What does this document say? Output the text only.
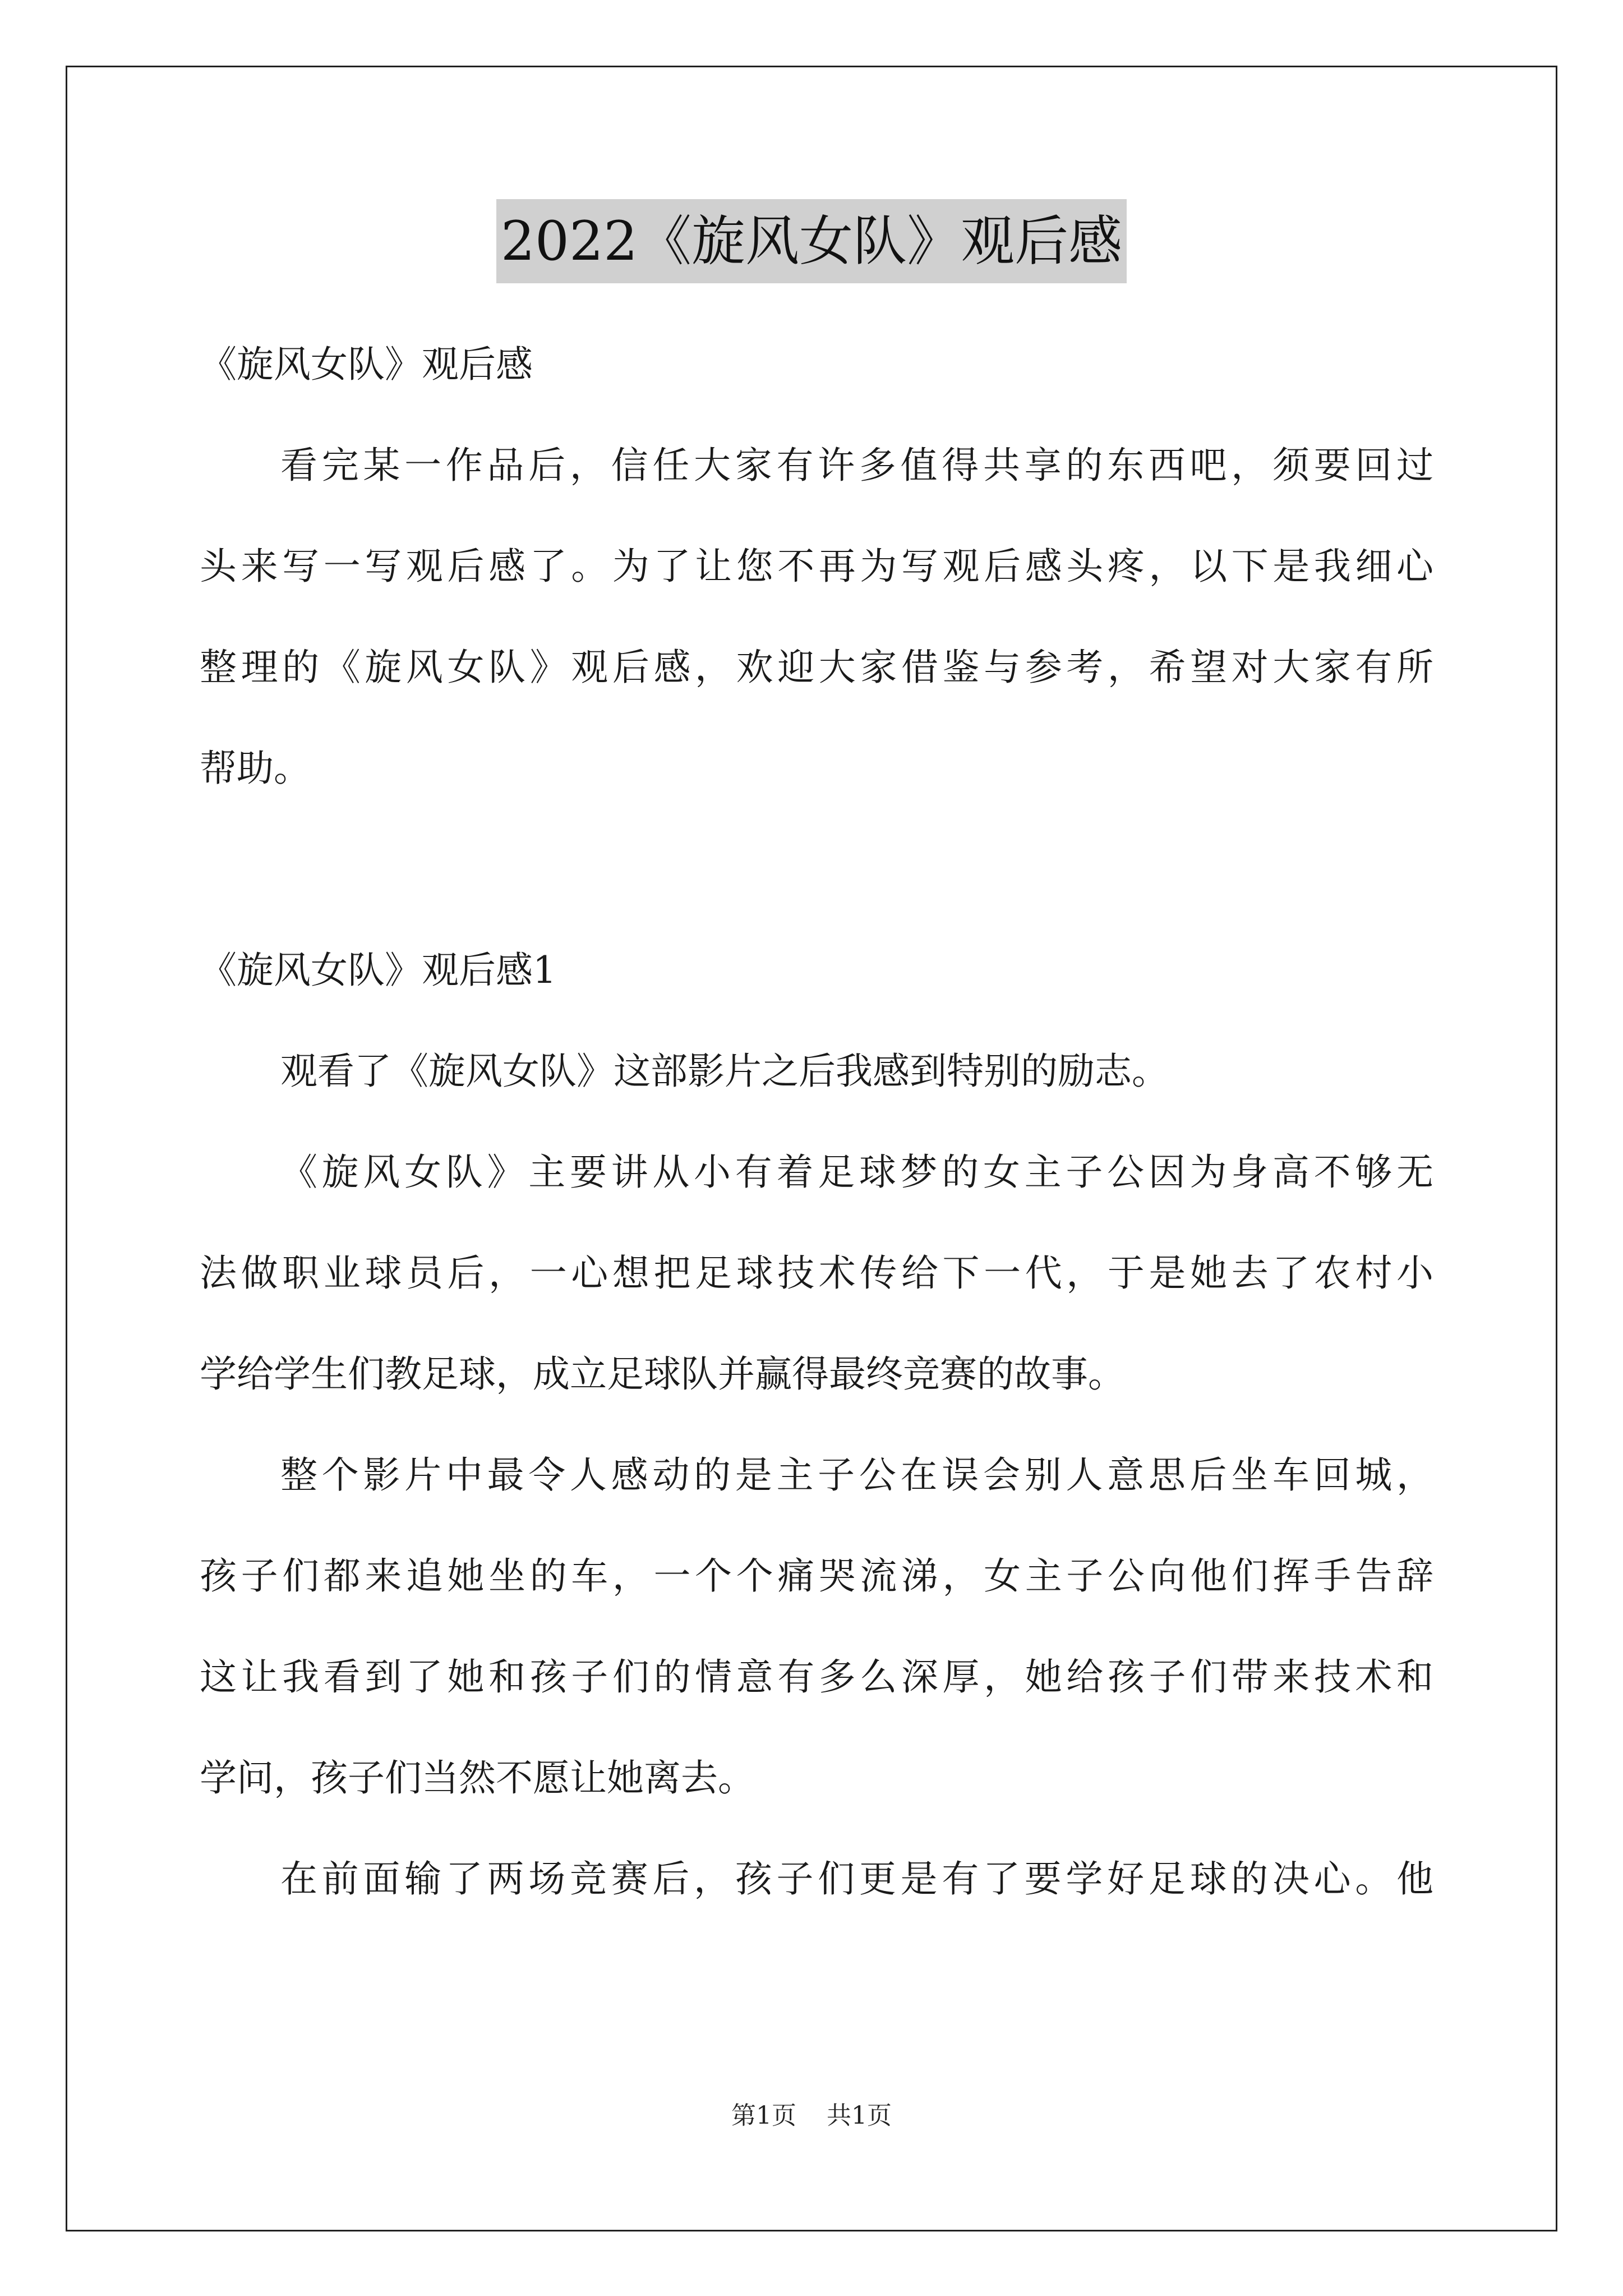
2022《旋风女队》观后感
《旋风女队》观后感
看完某一作品后，信任大家有许多值得共享的东西吧，须要回过
头来写一写观后感了。为了让您不再为写观后感头疼，以下是我细心
整理的《旋风女队》观后感，欢迎大家借鉴与参考，希望对大家有所
帮助。
《旋风女队》观后感1
观看了《旋风女队》这部影片之后我感到特别的励志。
《旋风女队》主要讲从小有着足球梦的女主子公因为身高不够无
法做职业球员后，一心想把足球技术传给下一代，于是她去了农村小
学给学生们教足球，成立足球队并赢得最终竞赛的故事。
整个影片中最令人感动的是主子公在误会别人意思后坐车回城，
孩子们都来追她坐的车，一个个痛哭流涕，女主子公向他们挥手告辞
这让我看到了她和孩子们的情意有多么深厚，她给孩子们带来技术和
学问，孩子们当然不愿让她离去。
在前面输了两场竞赛后，孩子们更是有了要学好足球的决心。他
第1页 共1页
